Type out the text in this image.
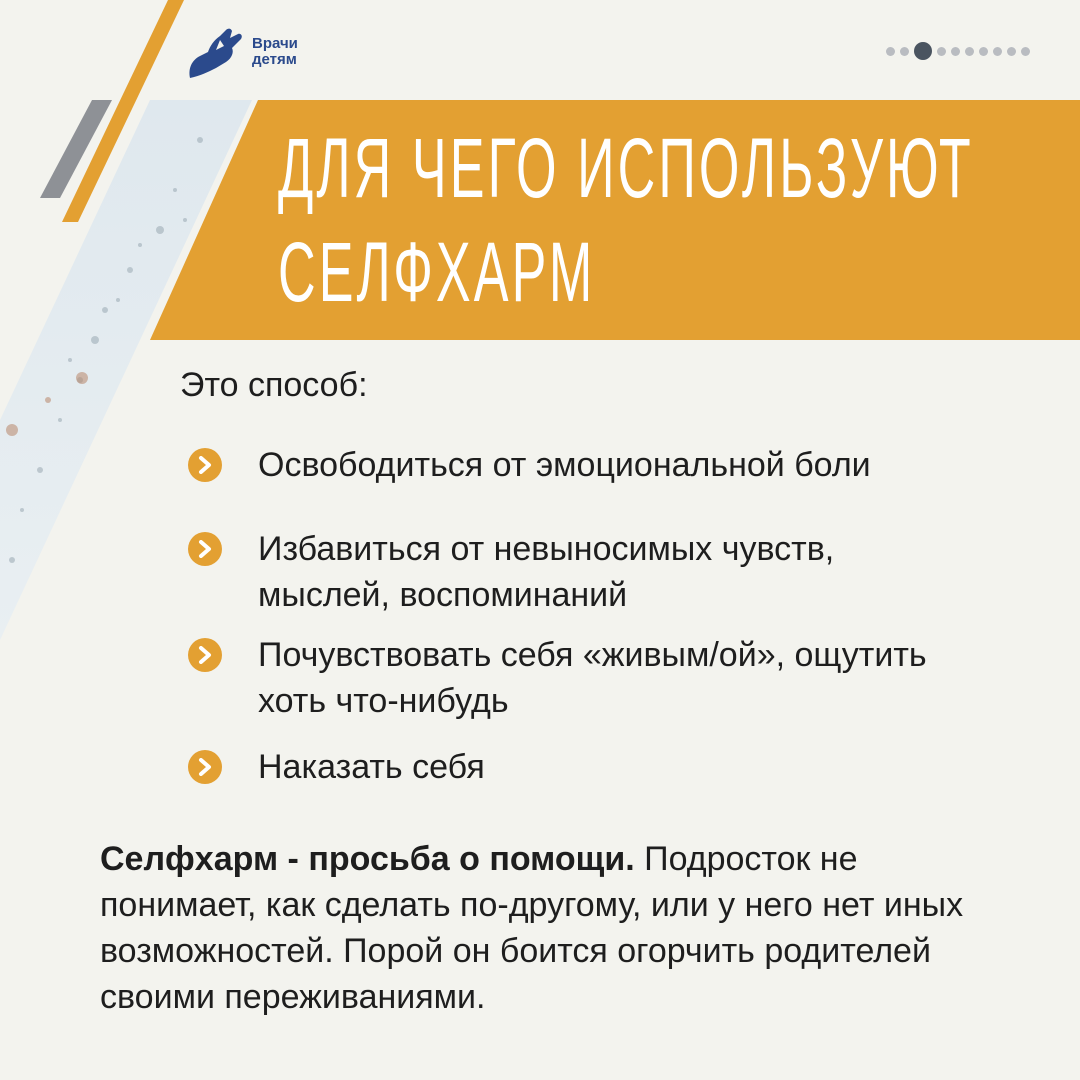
Врачи
детям
ДЛЯ ЧЕГО ИСПОЛЬЗУЮТ
СЕЛФХАРМ
Это способ:
Освободиться от эмоциональной боли
Избавиться от невыносимых чувств, мыслей, воспоминаний
Почувствовать себя «живым/ой», ощутить хоть что-нибудь
Наказать себя

Селфхарм - просьба о помощи. Подросток не понимает, как сделать по-другому, или у него нет иных возможностей. Порой он боится огорчить родителей своими переживаниями.
